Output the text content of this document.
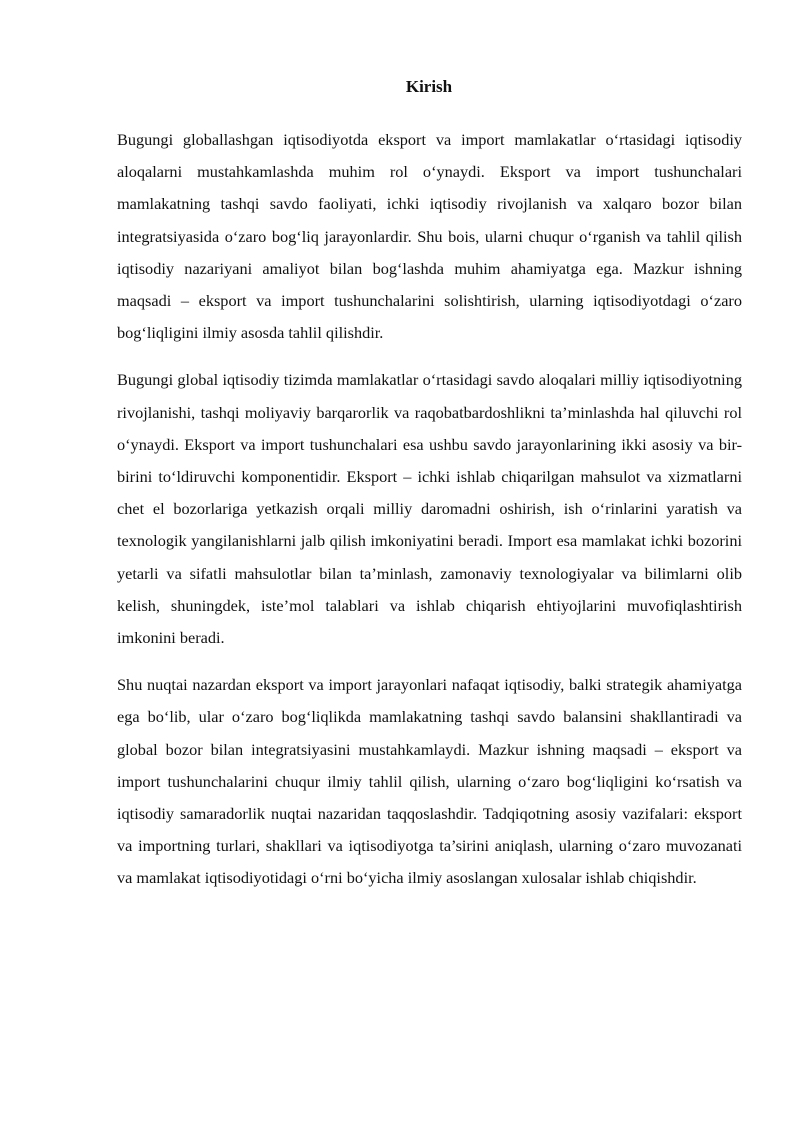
Kirish

Bugungi globallashgan iqtisodiyotda eksport va import mamlakatlar o‘rtasidagi iqtisodiy aloqalarni mustahkamlashda muhim rol o‘ynaydi. Eksport va import tushunchalari mamlakatning tashqi savdo faoliyati, ichki iqtisodiy rivojlanish va xalqaro bozor bilan integratsiyasida o‘zaro bog‘liq jarayonlardir. Shu bois, ularni chuqur o‘rganish va tahlil qilish iqtisodiy nazariyani amaliyot bilan bog‘lashda muhim ahamiyatga ega. Mazkur ishning maqsadi – eksport va import tushunchalarini solishtirish, ularning iqtisodiyotdagi o‘zaro bog‘liqligini ilmiy asosda tahlil qilishdir.

Bugungi global iqtisodiy tizimda mamlakatlar o‘rtasidagi savdo aloqalari milliy iqtisodiyotning rivojlanishi, tashqi moliyaviy barqarorlik va raqobatbardoshlikni ta’minlashda hal qiluvchi rol o‘ynaydi. Eksport va import tushunchalari esa ushbu savdo jarayonlarining ikki asosiy va bir-birini to‘ldiruvchi komponentidir. Eksport – ichki ishlab chiqarilgan mahsulot va xizmatlarni chet el bozorlariga yetkazish orqali milliy daromadni oshirish, ish o‘rinlarini yaratish va texnologik yangilanishlarni jalb qilish imkoniyatini beradi. Import esa mamlakat ichki bozorini yetarli va sifatli mahsulotlar bilan ta’minlash, zamonaviy texnologiyalar va bilimlarni olib kelish, shuningdek, iste’mol talablari va ishlab chiqarish ehtiyojlarini muvofiqlashtirish imkonini beradi.

Shu nuqtai nazardan eksport va import jarayonlari nafaqat iqtisodiy, balki strategik ahamiyatga ega bo‘lib, ular o‘zaro bog‘liqlikda mamlakatning tashqi savdo balansini shakllantiradi va global bozor bilan integratsiyasini mustahkamlaydi. Mazkur ishning maqsadi – eksport va import tushunchalarini chuqur ilmiy tahlil qilish, ularning o‘zaro bog‘liqligini ko‘rsatish va iqtisodiy samaradorlik nuqtai nazaridan taqqoslashdir. Tadqiqotning asosiy vazifalari: eksport va importning turlari, shakllari va iqtisodiyotga ta’sirini aniqlash, ularning o‘zaro muvozanati va mamlakat iqtisodiyotidagi o‘rni bo‘yicha ilmiy asoslangan xulosalar ishlab chiqishdir.
